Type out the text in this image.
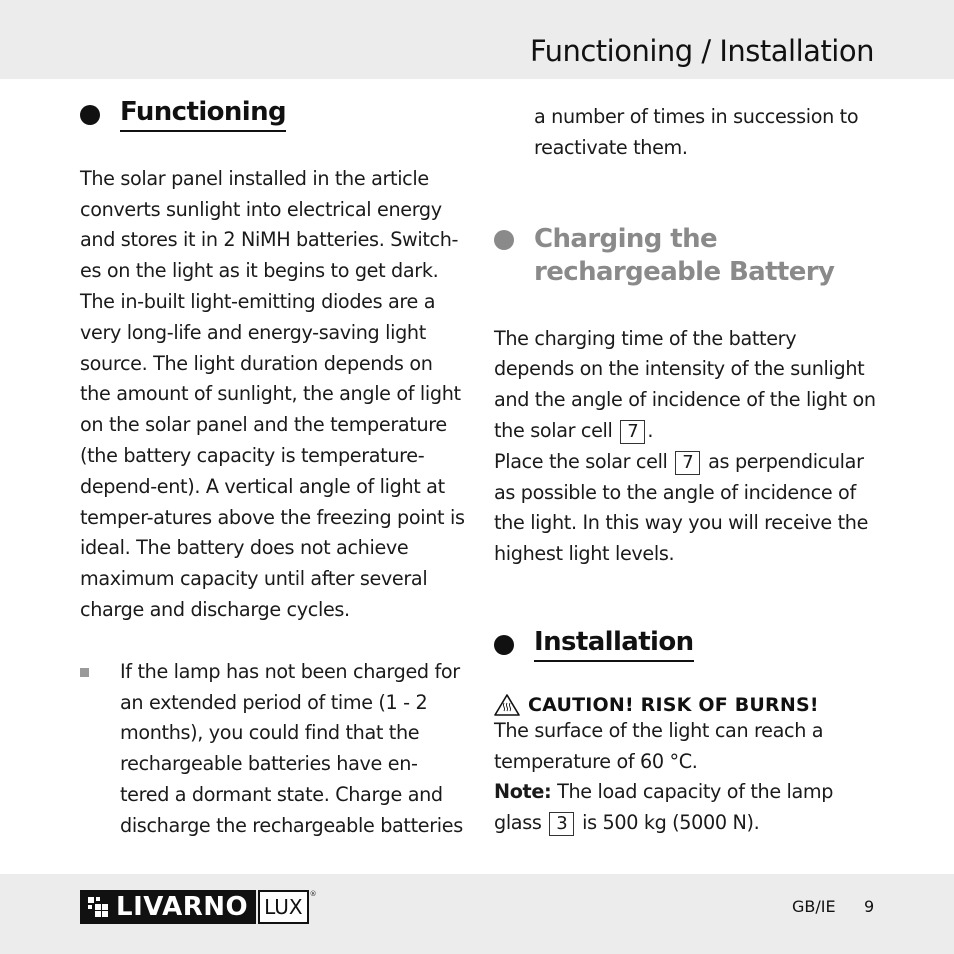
Functioning / Installation
Functioning

The solar panel installed in the article converts sunlight into electrical energy and stores it in 2 NiMH batteries. Switch-es on the light as it begins to get dark. The in-built light-emitting diodes are a very long-life and energy-saving light source. The light duration depends on the amount of sunlight, the angle of light on the solar panel and the temperature (the battery capacity is temperature-depend-ent). A vertical angle of light at temper-atures above the freezing point is ideal. The battery does not achieve maximum capacity until after several charge and discharge cycles.

If the lamp has not been charged for an extended period of time (1 - 2 months), you could find that the rechargeable batteries have en-tered a dormant state. Charge and discharge the rechargeable batteries

a number of times in succession to reactivate them.

Charging the
rechargeable Battery

The charging time of the battery depends on the intensity of the sunlight and the angle of incidence of the light on the solar cell 7 .

Place the solar cell 7 as perpendicular as possible to the angle of incidence of the light. In this way you will receive the highest light levels.

Installation
CAUTION! RISK OF BURNS!

The surface of the light can reach a temperature of 60 °C.

Note: The load capacity of the lamp glass 3 is 500 kg (5000 N).

LIVARNO LUX
®
GB/IE 9
